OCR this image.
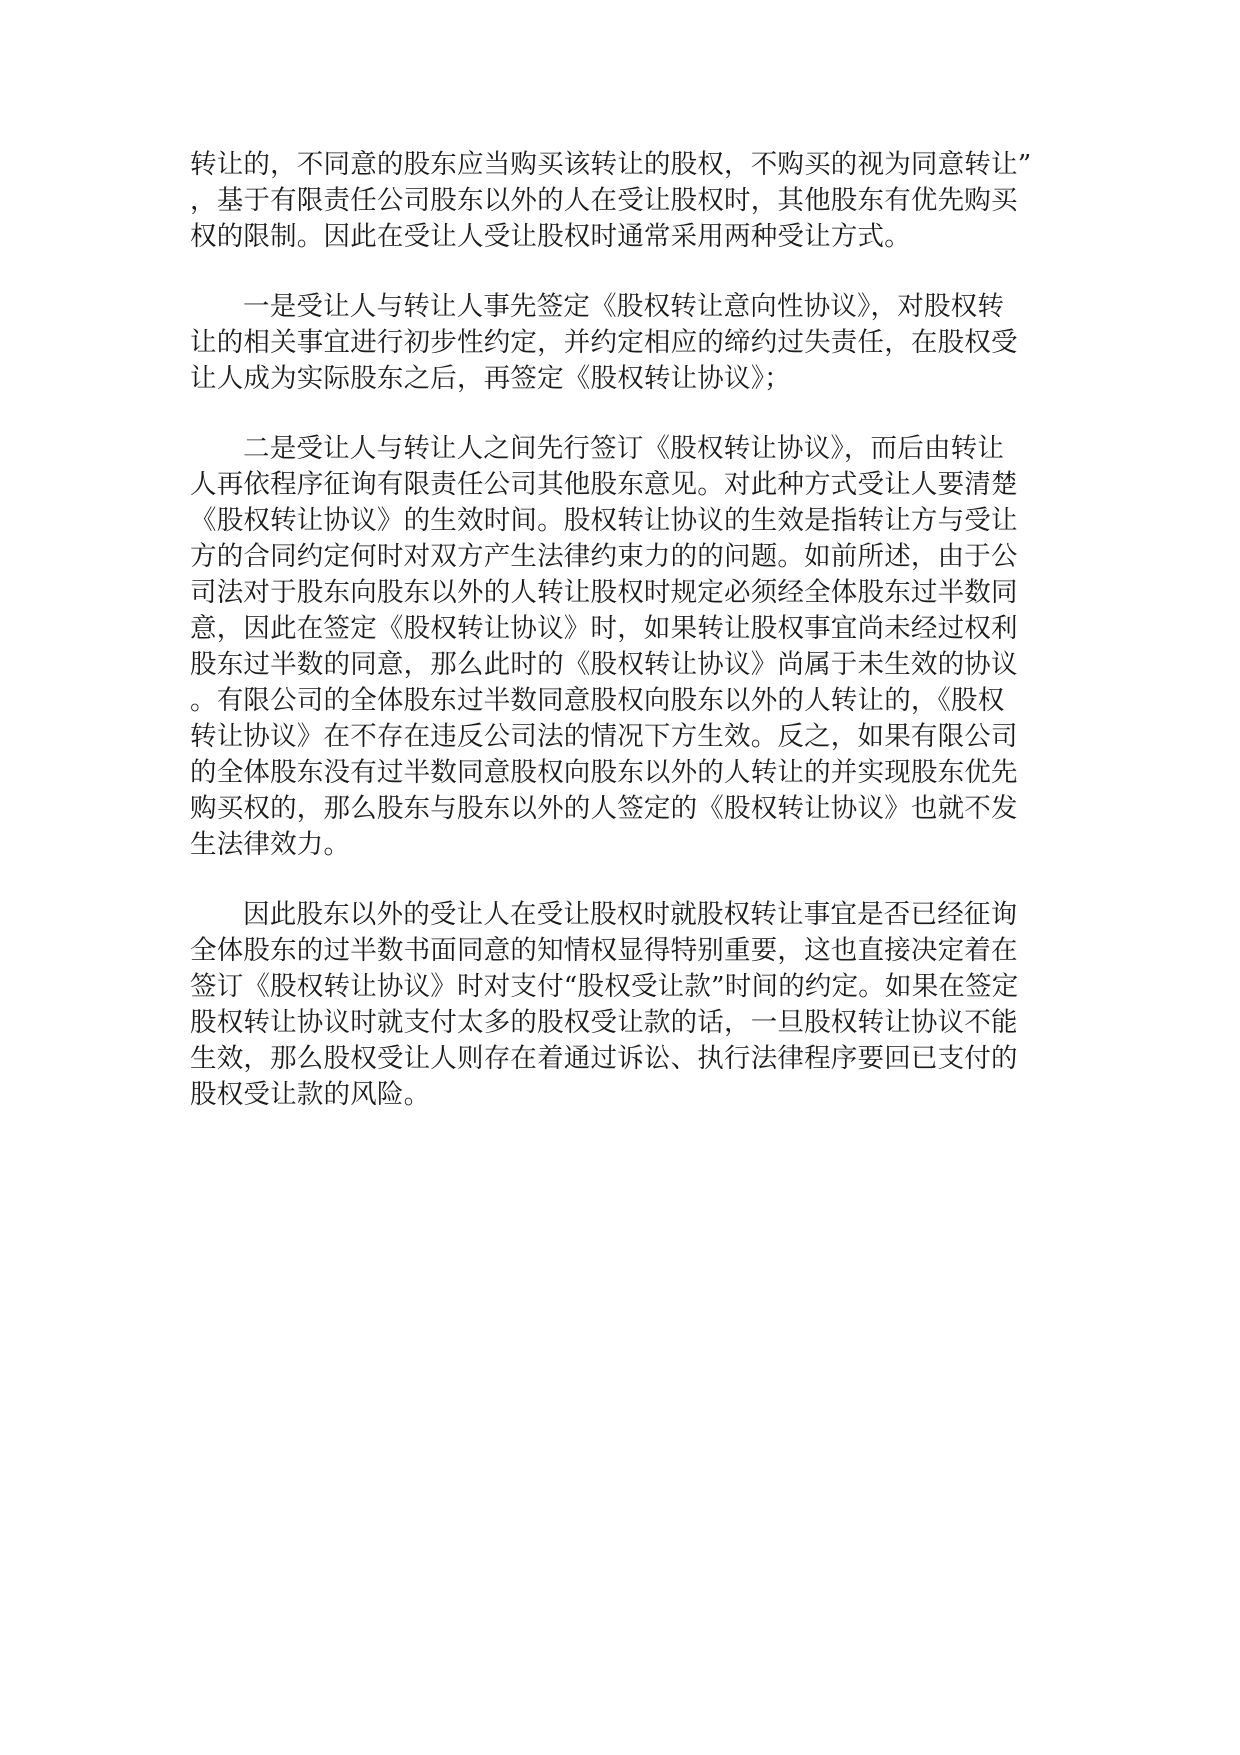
转让的，不同意的股东应当购买该转让的股权，不购买的视为同意转让”
，基于有限责任公司股东以外的人在受让股权时，其他股东有优先购买
权的限制。因此在受让人受让股权时通常采用两种受让方式。
一是受让人与转让人事先签定《股权转让意向性协议》，对股权转
让的相关事宜进行初步性约定，并约定相应的缔约过失责任，在股权受
让人成为实际股东之后，再签定《股权转让协议》；
二是受让人与转让人之间先行签订《股权转让协议》，而后由转让
人再依程序征询有限责任公司其他股东意见。对此种方式受让人要清楚
《股权转让协议》的生效时间。股权转让协议的生效是指转让方与受让
方的合同约定何时对双方产生法律约束力的的问题。如前所述，由于公
司法对于股东向股东以外的人转让股权时规定必须经全体股东过半数同
意，因此在签定《股权转让协议》时，如果转让股权事宜尚未经过权利
股东过半数的同意，那么此时的《股权转让协议》尚属于未生效的协议
。有限公司的全体股东过半数同意股权向股东以外的人转让的，《股权
转让协议》在不存在违反公司法的情况下方生效。反之，如果有限公司
的全体股东没有过半数同意股权向股东以外的人转让的并实现股东优先
购买权的，那么股东与股东以外的人签定的《股权转让协议》也就不发
生法律效力。
因此股东以外的受让人在受让股权时就股权转让事宜是否已经征询
全体股东的过半数书面同意的知情权显得特别重要，这也直接决定着在
签订《股权转让协议》时对支付“股权受让款”时间的约定。如果在签定
股权转让协议时就支付太多的股权受让款的话，一旦股权转让协议不能
生效，那么股权受让人则存在着通过诉讼、执行法律程序要回已支付的
股权受让款的风险。
